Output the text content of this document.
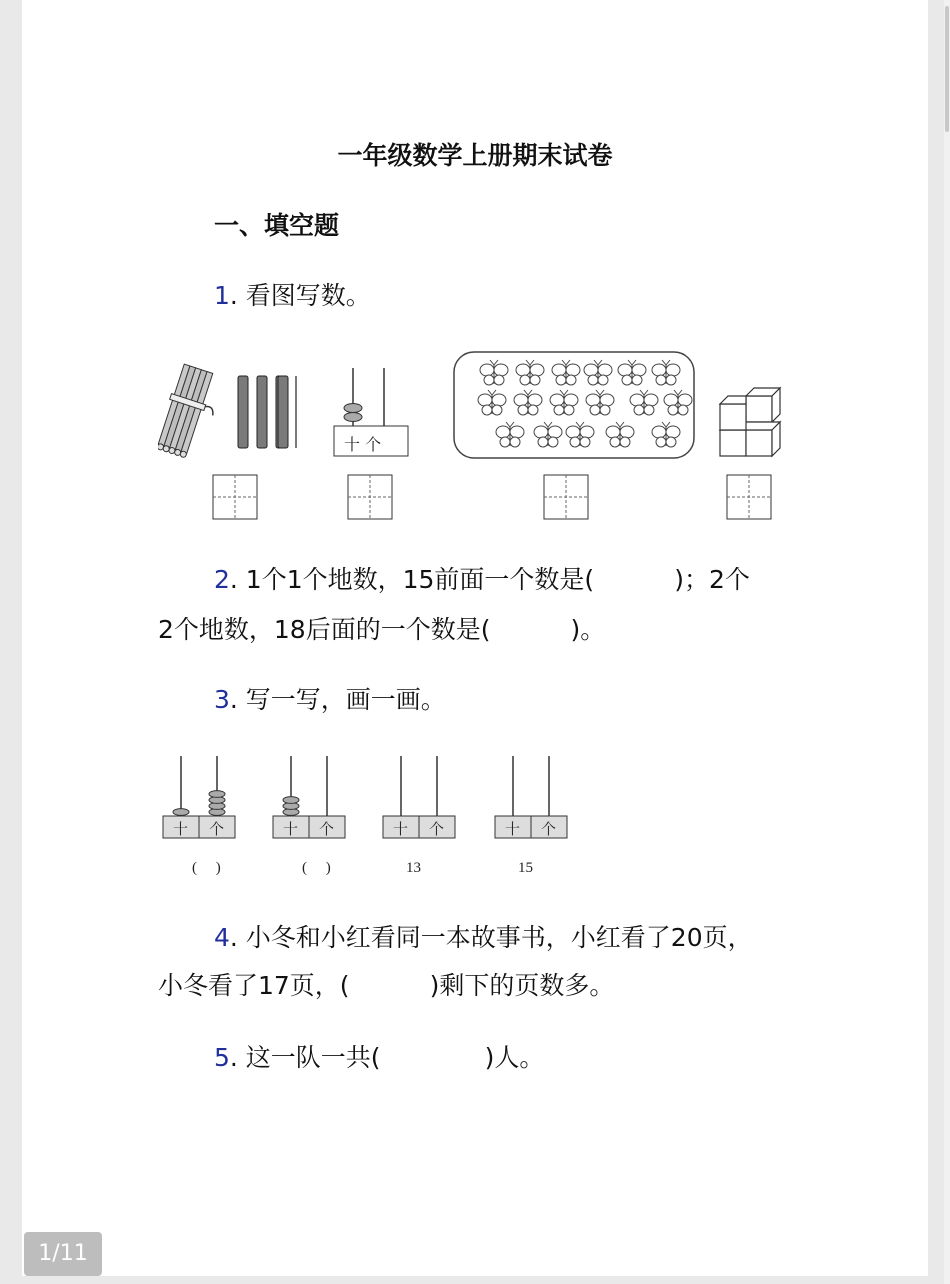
一年级数学上册期末试卷
一、填空题
1. 看图写数。
十 个
2. 1个1个地数，15前面一个数是(	)；2个
2个地数，18后面的一个数是(	)。
3. 写一写，画一画。
4. 小冬和小红看同一本故事书，小红看了20页，
小冬看了17页，(	)剩下的页数多。
5. 这一队一共(	)人。
十 个
(     )
十 个
(     )
十 个
13
十 个
15
1/11
